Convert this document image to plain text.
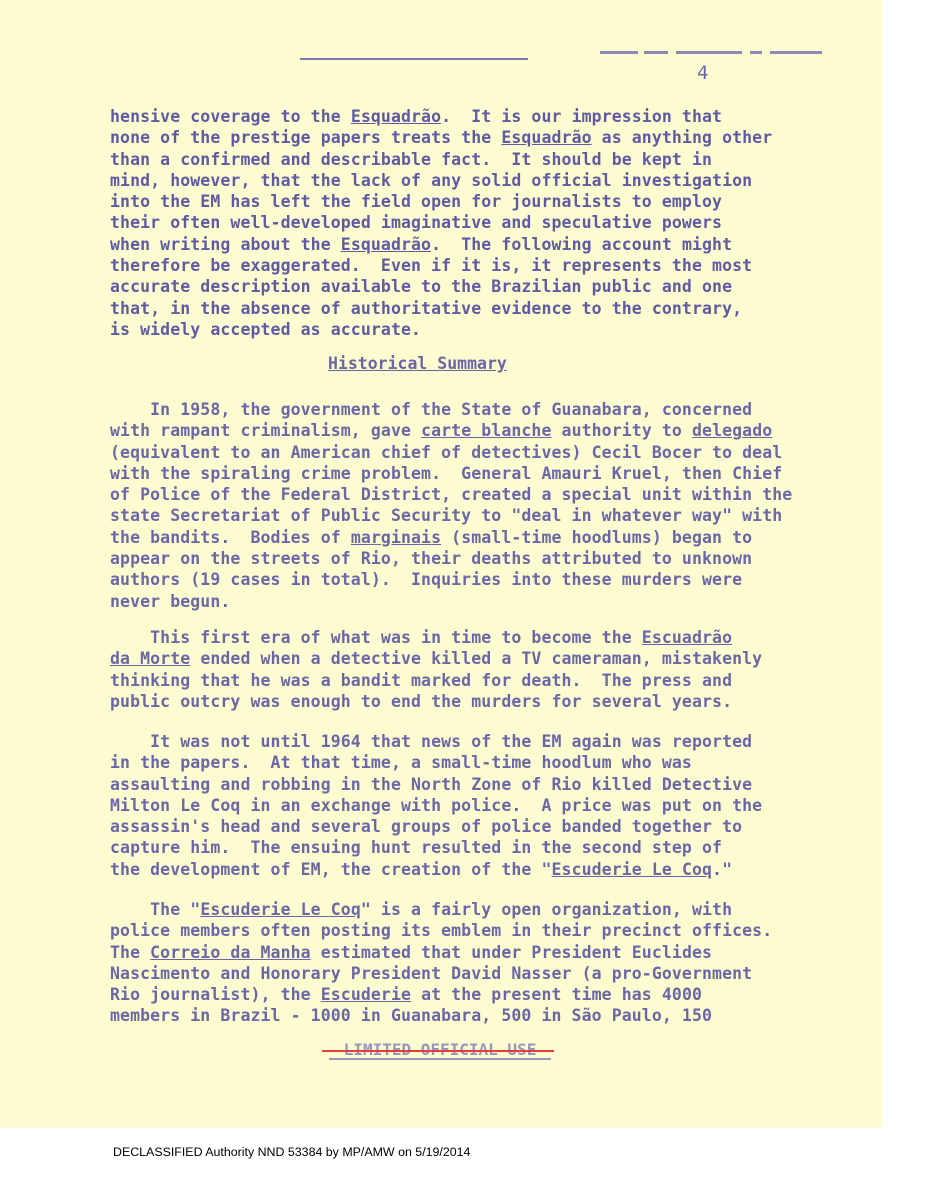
4
hensive coverage to the Esquadrão.  It is our impression that
none of the prestige papers treats the Esquadrão as anything other
than a confirmed and describable fact.  It should be kept in
mind, however, that the lack of any solid official investigation
into the EM has left the field open for journalists to employ
their often well-developed imaginative and speculative powers
when writing about the Esquadrão.  The following account might
therefore be exaggerated.  Even if it is, it represents the most
accurate description available to the Brazilian public and one
that, in the absence of authoritative evidence to the contrary,
is widely accepted as accurate.
Historical Summary
In 1958, the government of the State of Guanabara, concerned
with rampant criminalism, gave carte blanche authority to delegado
(equivalent to an American chief of detectives) Cecil Bocer to deal
with the spiraling crime problem.  General Amauri Kruel, then Chief
of Police of the Federal District, created a special unit within the
state Secretariat of Public Security to "deal in whatever way" with
the bandits.  Bodies of marginais (small-time hoodlums) began to
appear on the streets of Rio, their deaths attributed to unknown
authors (19 cases in total).  Inquiries into these murders were
never begun.
This first era of what was in time to become the Escuadrão
da Morte ended when a detective killed a TV cameraman, mistakenly
thinking that he was a bandit marked for death.  The press and
public outcry was enough to end the murders for several years.
It was not until 1964 that news of the EM again was reported
in the papers.  At that time, a small-time hoodlum who was
assaulting and robbing in the North Zone of Rio killed Detective
Milton Le Coq in an exchange with police.  A price was put on the
assassin's head and several groups of police banded together to
capture him.  The ensuing hunt resulted in the second step of
the development of EM, the creation of the "Escuderie Le Coq."
The "Escuderie Le Coq" is a fairly open organization, with
police members often posting its emblem in their precinct offices.
The Correio da Manha estimated that under President Euclides
Nascimento and Honorary President David Nasser (a pro-Government
Rio journalist), the Escuderie at the present time has 4000
members in Brazil - 1000 in Guanabara, 500 in São Paulo, 150
DECLASSIFIED Authority NND 53384 by MP/AMW on 5/19/2014
